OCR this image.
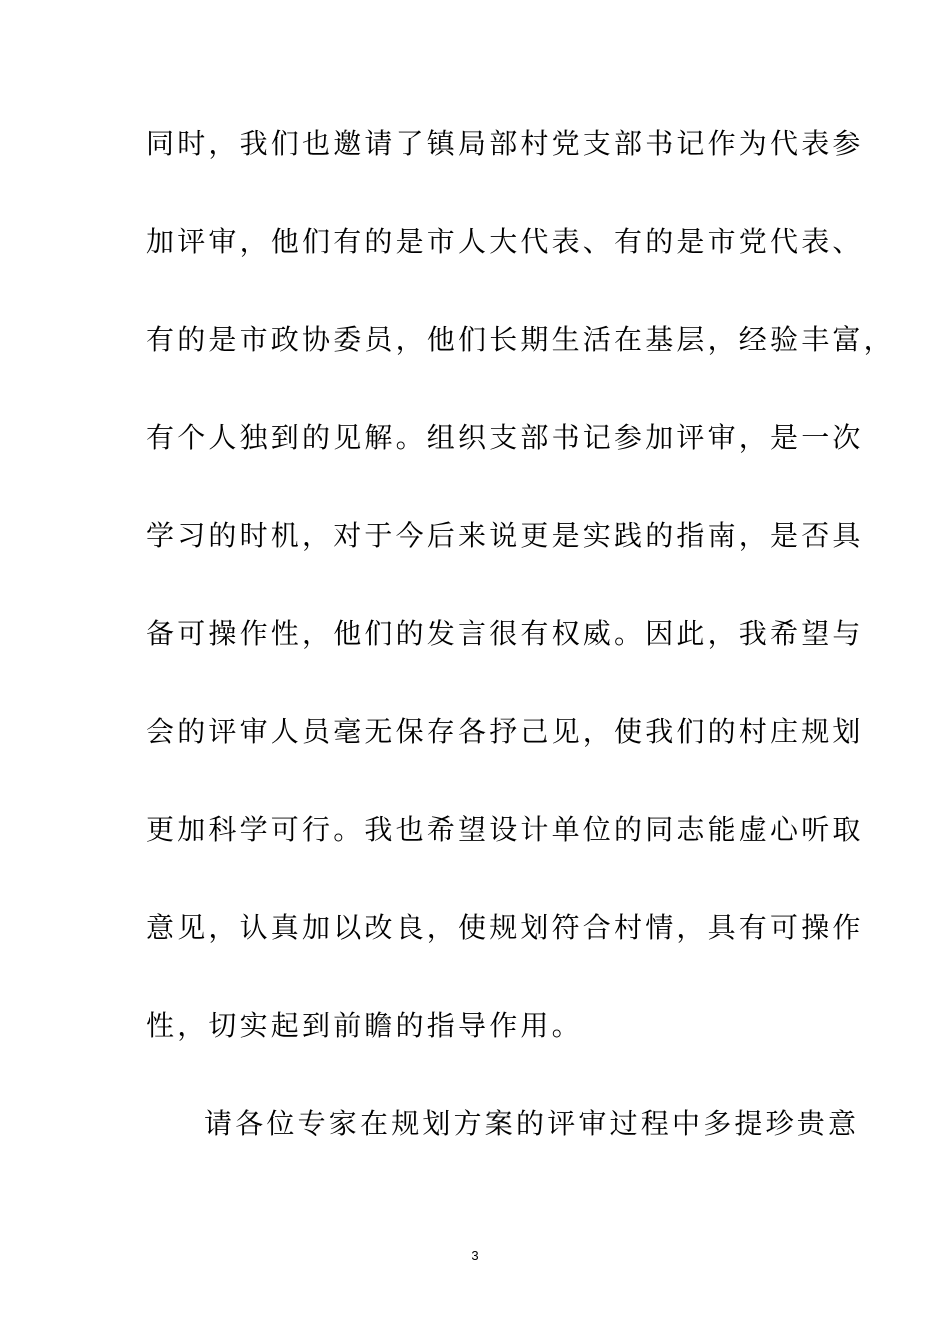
同时，我们也邀请了镇局部村党支部书记作为代表参
加评审，他们有的是市人大代表、有的是市党代表、
有的是市政协委员，他们长期生活在基层，经验丰富，
有个人独到的见解。组织支部书记参加评审，是一次
学习的时机，对于今后来说更是实践的指南，是否具
备可操作性，他们的发言很有权威。因此，我希望与
会的评审人员毫无保存各抒己见，使我们的村庄规划
更加科学可行。我也希望设计单位的同志能虚心听取
意见，认真加以改良，使规划符合村情，具有可操作
性，切实起到前瞻的指导作用。
请各位专家在规划方案的评审过程中多提珍贵意
3
